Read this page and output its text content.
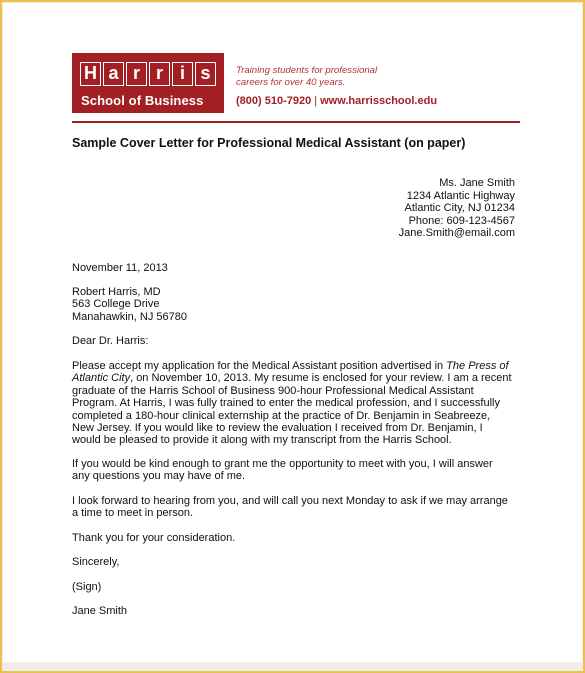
H a r r i s
School of Business
Training students for professional
careers for over 40 years.
(800) 510-7920 | www.harrisschool.edu
Sample Cover Letter for Professional Medical Assistant (on paper)
Ms. Jane Smith
1234 Atlantic Highway
Atlantic City, NJ 01234
Phone: 609-123-4567
Jane.Smith@email.com
November 11, 2013
Robert Harris, MD
563 College Drive
Manahawkin, NJ 56780
Dear Dr. Harris:
Please accept my application for the Medical Assistant position advertised in The Press of Atlantic City, on November 10, 2013. My resume is enclosed for your review. I am a recent graduate of the Harris School of Business 900-hour Professional Medical Assistant Program. At Harris, I was fully trained to enter the medical profession, and I successfully completed a 180-hour clinical externship at the practice of Dr. Benjamin in Seabreeze, New Jersey. If you would like to review the evaluation I received from Dr. Benjamin, I would be pleased to provide it along with my transcript from the Harris School.
If you would be kind enough to grant me the opportunity to meet with you, I will answer any questions you may have of me.
I look forward to hearing from you, and will call you next Monday to ask if we may arrange a time to meet in person.
Thank you for your consideration.
Sincerely,
(Sign)
Jane Smith
